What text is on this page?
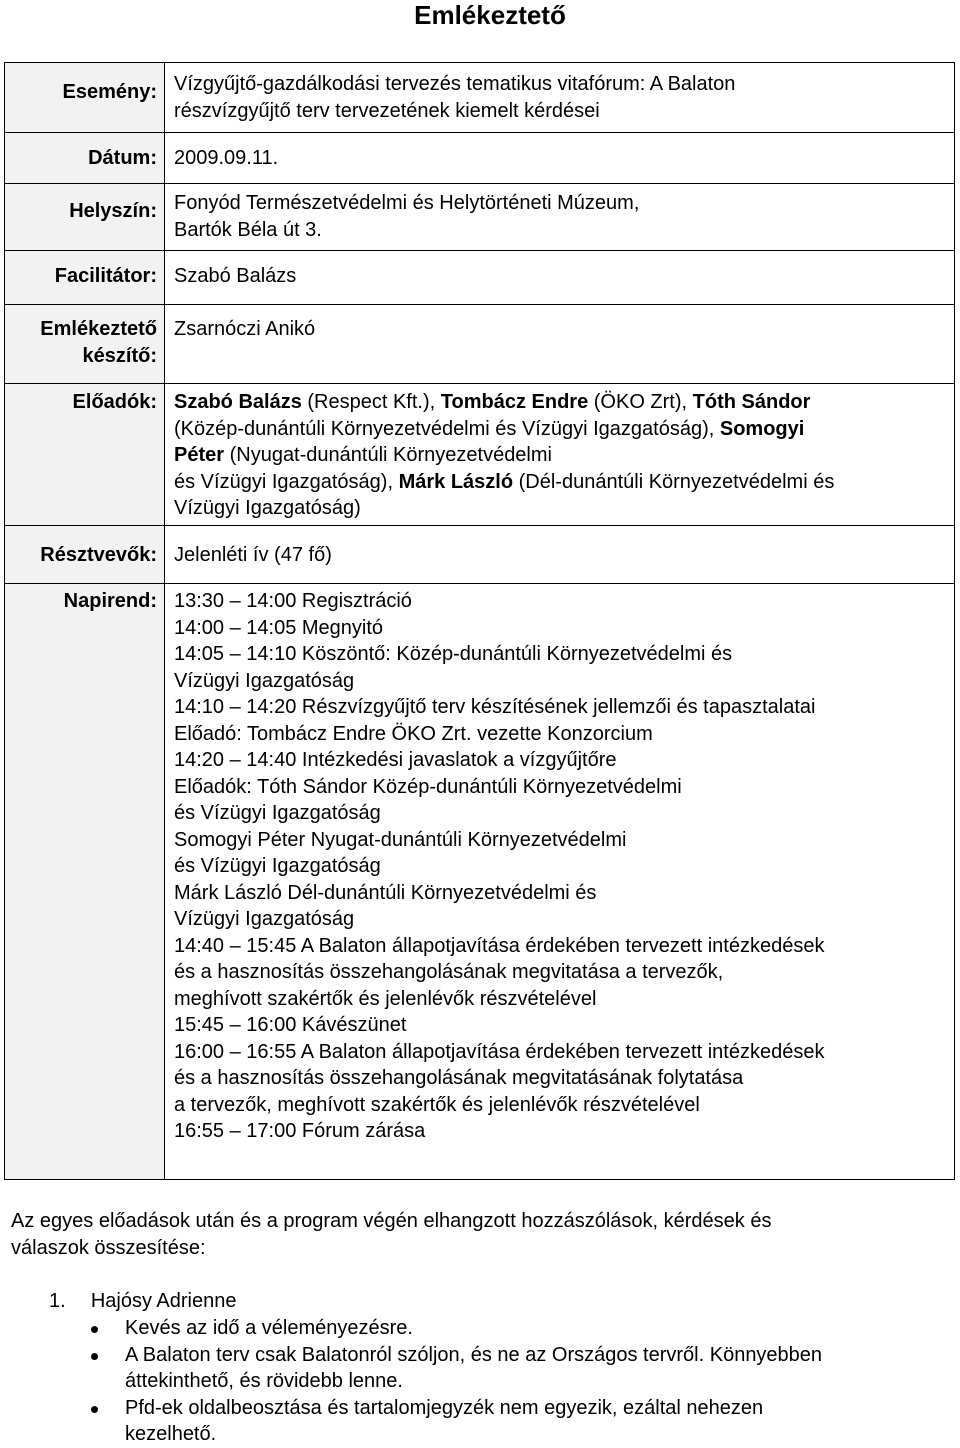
Emlékeztető
Esemény: Vízgyűjtő-gazdálkodási tervezés tematikus vitafórum: A Balaton
részvízgyűjtő terv tervezetének kiemelt kérdései
Dátum: 2009.09.11.
Helyszín: Fonyód Természetvédelmi és Helytörténeti Múzeum,
Bartók Béla út 3.
Facilitátor: Szabó Balázs
Emlékeztető
készítő:
Zsarnóczi Anikó
Előadók: Szabó Balázs (Respect Kft.), Tombácz Endre (ÖKO Zrt), Tóth Sándor
(Közép-dunántúli Környezetvédelmi és Vízügyi Igazgatóság), Somogyi
Péter (Nyugat-dunántúli Környezetvédelmi
és Vízügyi Igazgatóság), Márk László (Dél-dunántúli Környezetvédelmi és
Vízügyi Igazgatóság)
Résztvevők: Jelenléti ív (47 fő)
Napirend: 13:30 – 14:00 Regisztráció
14:00 – 14:05 Megnyitó
14:05 – 14:10 Köszöntő: Közép-dunántúli Környezetvédelmi és
Vízügyi Igazgatóság
14:10 – 14:20 Részvízgyűjtő terv készítésének jellemzői és tapasztalatai
Előadó: Tombácz Endre ÖKO Zrt. vezette Konzorcium
14:20 – 14:40 Intézkedési javaslatok a vízgyűjtőre
Előadók: Tóth Sándor Közép-dunántúli Környezetvédelmi
és Vízügyi Igazgatóság
Somogyi Péter Nyugat-dunántúli Környezetvédelmi
és Vízügyi Igazgatóság
Márk László Dél-dunántúli Környezetvédelmi és
Vízügyi Igazgatóság
14:40 – 15:45 A Balaton állapotjavítása érdekében tervezett intézkedések
és a hasznosítás összehangolásának megvitatása a tervezők,
meghívott szakértők és jelenlévők részvételével
15:45 – 16:00 Kávészünet
16:00 – 16:55 A Balaton állapotjavítása érdekében tervezett intézkedések
és a hasznosítás összehangolásának megvitatásának folytatása
a tervezők, meghívott szakértők és jelenlévők részvételével
16:55 – 17:00 Fórum zárása
Az egyes előadások után és a program végén elhangzott hozzászólások, kérdések és
válaszok összesítése:
1. Hajósy Adrienne
Kevés az idő a véleményezésre.
A Balaton terv csak Balatonról szóljon, és ne az Országos tervről. Könnyebben
áttekinthető, és rövidebb lenne.
Pfd-ek oldalbeosztása és tartalomjegyzék nem egyezik, ezáltal nehezen
kezelhető.
